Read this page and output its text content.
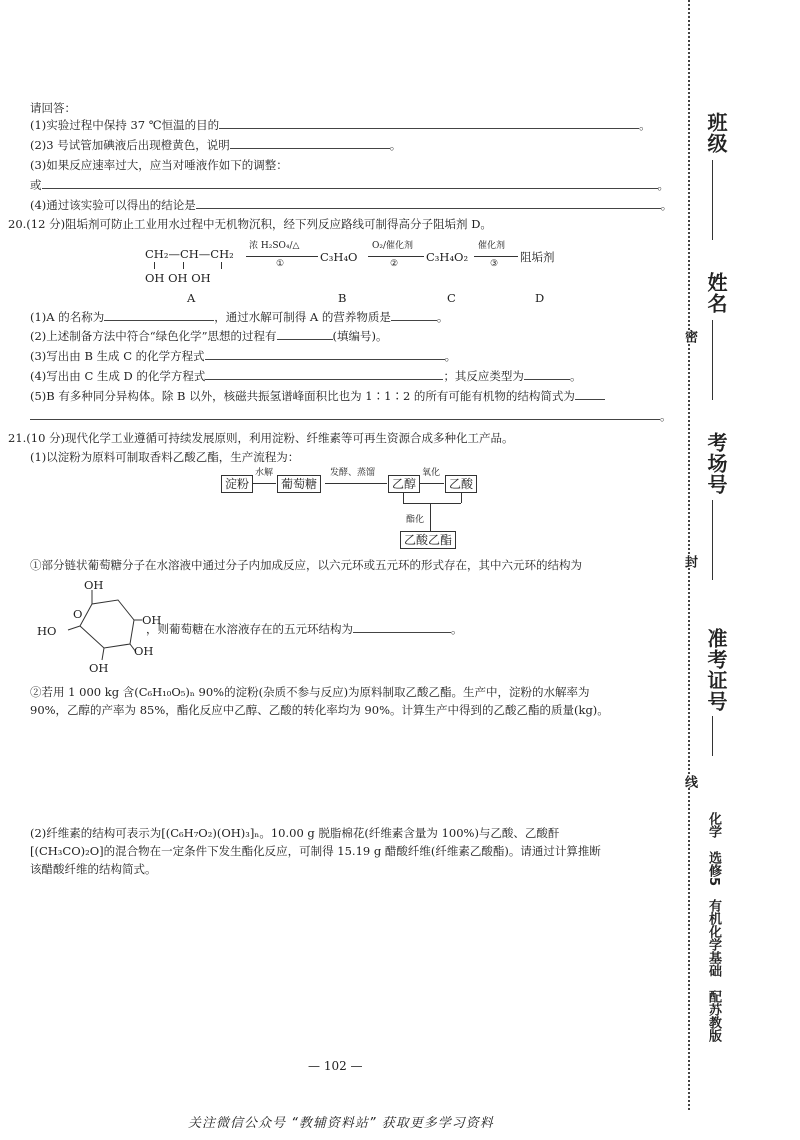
请回答：
(1)实验过程中保持 37 ℃恒温的目的	。
(2)3 号试管加碘液后出现橙黄色，说明	。
(3)如果反应速率过大，应当对唾液作如下的调整：
或	。
(4)通过该实验可以得出的结论是	。
20.(12 分)阻垢剂可防止工业用水过程中无机物沉积，经下列反应路线可制得高分子阻垢剂 D。
CH₂—CH—CH₂
OH OH OH
浓 H₂SO₄/△
①	C₃H₄O
O₂/催化剂
② C₃H₄O₂
催化剂
③ 阻垢剂
A	B	C	D
(1)A 的名称为	，通过水解可制得 A 的营养物质是	。
(2)上述制备方法中符合“绿色化学”思想的过程有	(填编号)。
(3)写出由 B 生成 C 的化学方程式	。
(4)写出由 C 生成 D 的化学方程式	；其反应类型为	。
(5)B 有多种同分异构体。除 B 以外，核磁共振氢谱峰面积比也为 1∶1∶2 的所有可能有机物的结构简式为
。
21.(10 分)现代化学工业遵循可持续发展原则，利用淀粉、纤维素等可再生资源合成多种化工产品。
(1)以淀粉为原料可制取香料乙酸乙酯，生产流程为：
淀粉
水解
葡萄糖
发酵、蒸馏
乙醇
氧化
乙酸
酯化
乙酸乙酯
①部分链状葡萄糖分子在水溶液中通过分子内加成反应，以六元环或五元环的形式存在，其中六元环的结构为
OH
O	OH
HO
OH
OH
，则葡萄糖在水溶液存在的五元环结构为	。
②若用 1 000 kg 含(C₆H₁₀O₅)ₙ 90%的淀粉(杂质不参与反应)为原料制取乙酸乙酯。生产中，淀粉的水解率为
90%，乙醇的产率为 85%，酯化反应中乙醇、乙酸的转化率均为 90%。计算生产中得到的乙酸乙酯的质量(kg)。
(2)纤维素的结构可表示为[(C₆H₇O₂)(OH)₃]ₙ。10.00 g 脱脂棉花(纤维素含量为 100%)与乙酸、乙酸酐
[(CH₃CO)₂O]的混合物在一定条件下发生酯化反应，可制得 15.19 g 醋酸纤维(纤维素乙酸酯)。请通过计算推断
该醋酸纤维的结构简式。
— 102 —
关注微信公众号 “教辅资料站” 获取更多学习资料
密
封
线
班级
姓名
考场号
准考证号
化学　选修5　有机化学基础　配苏教版
